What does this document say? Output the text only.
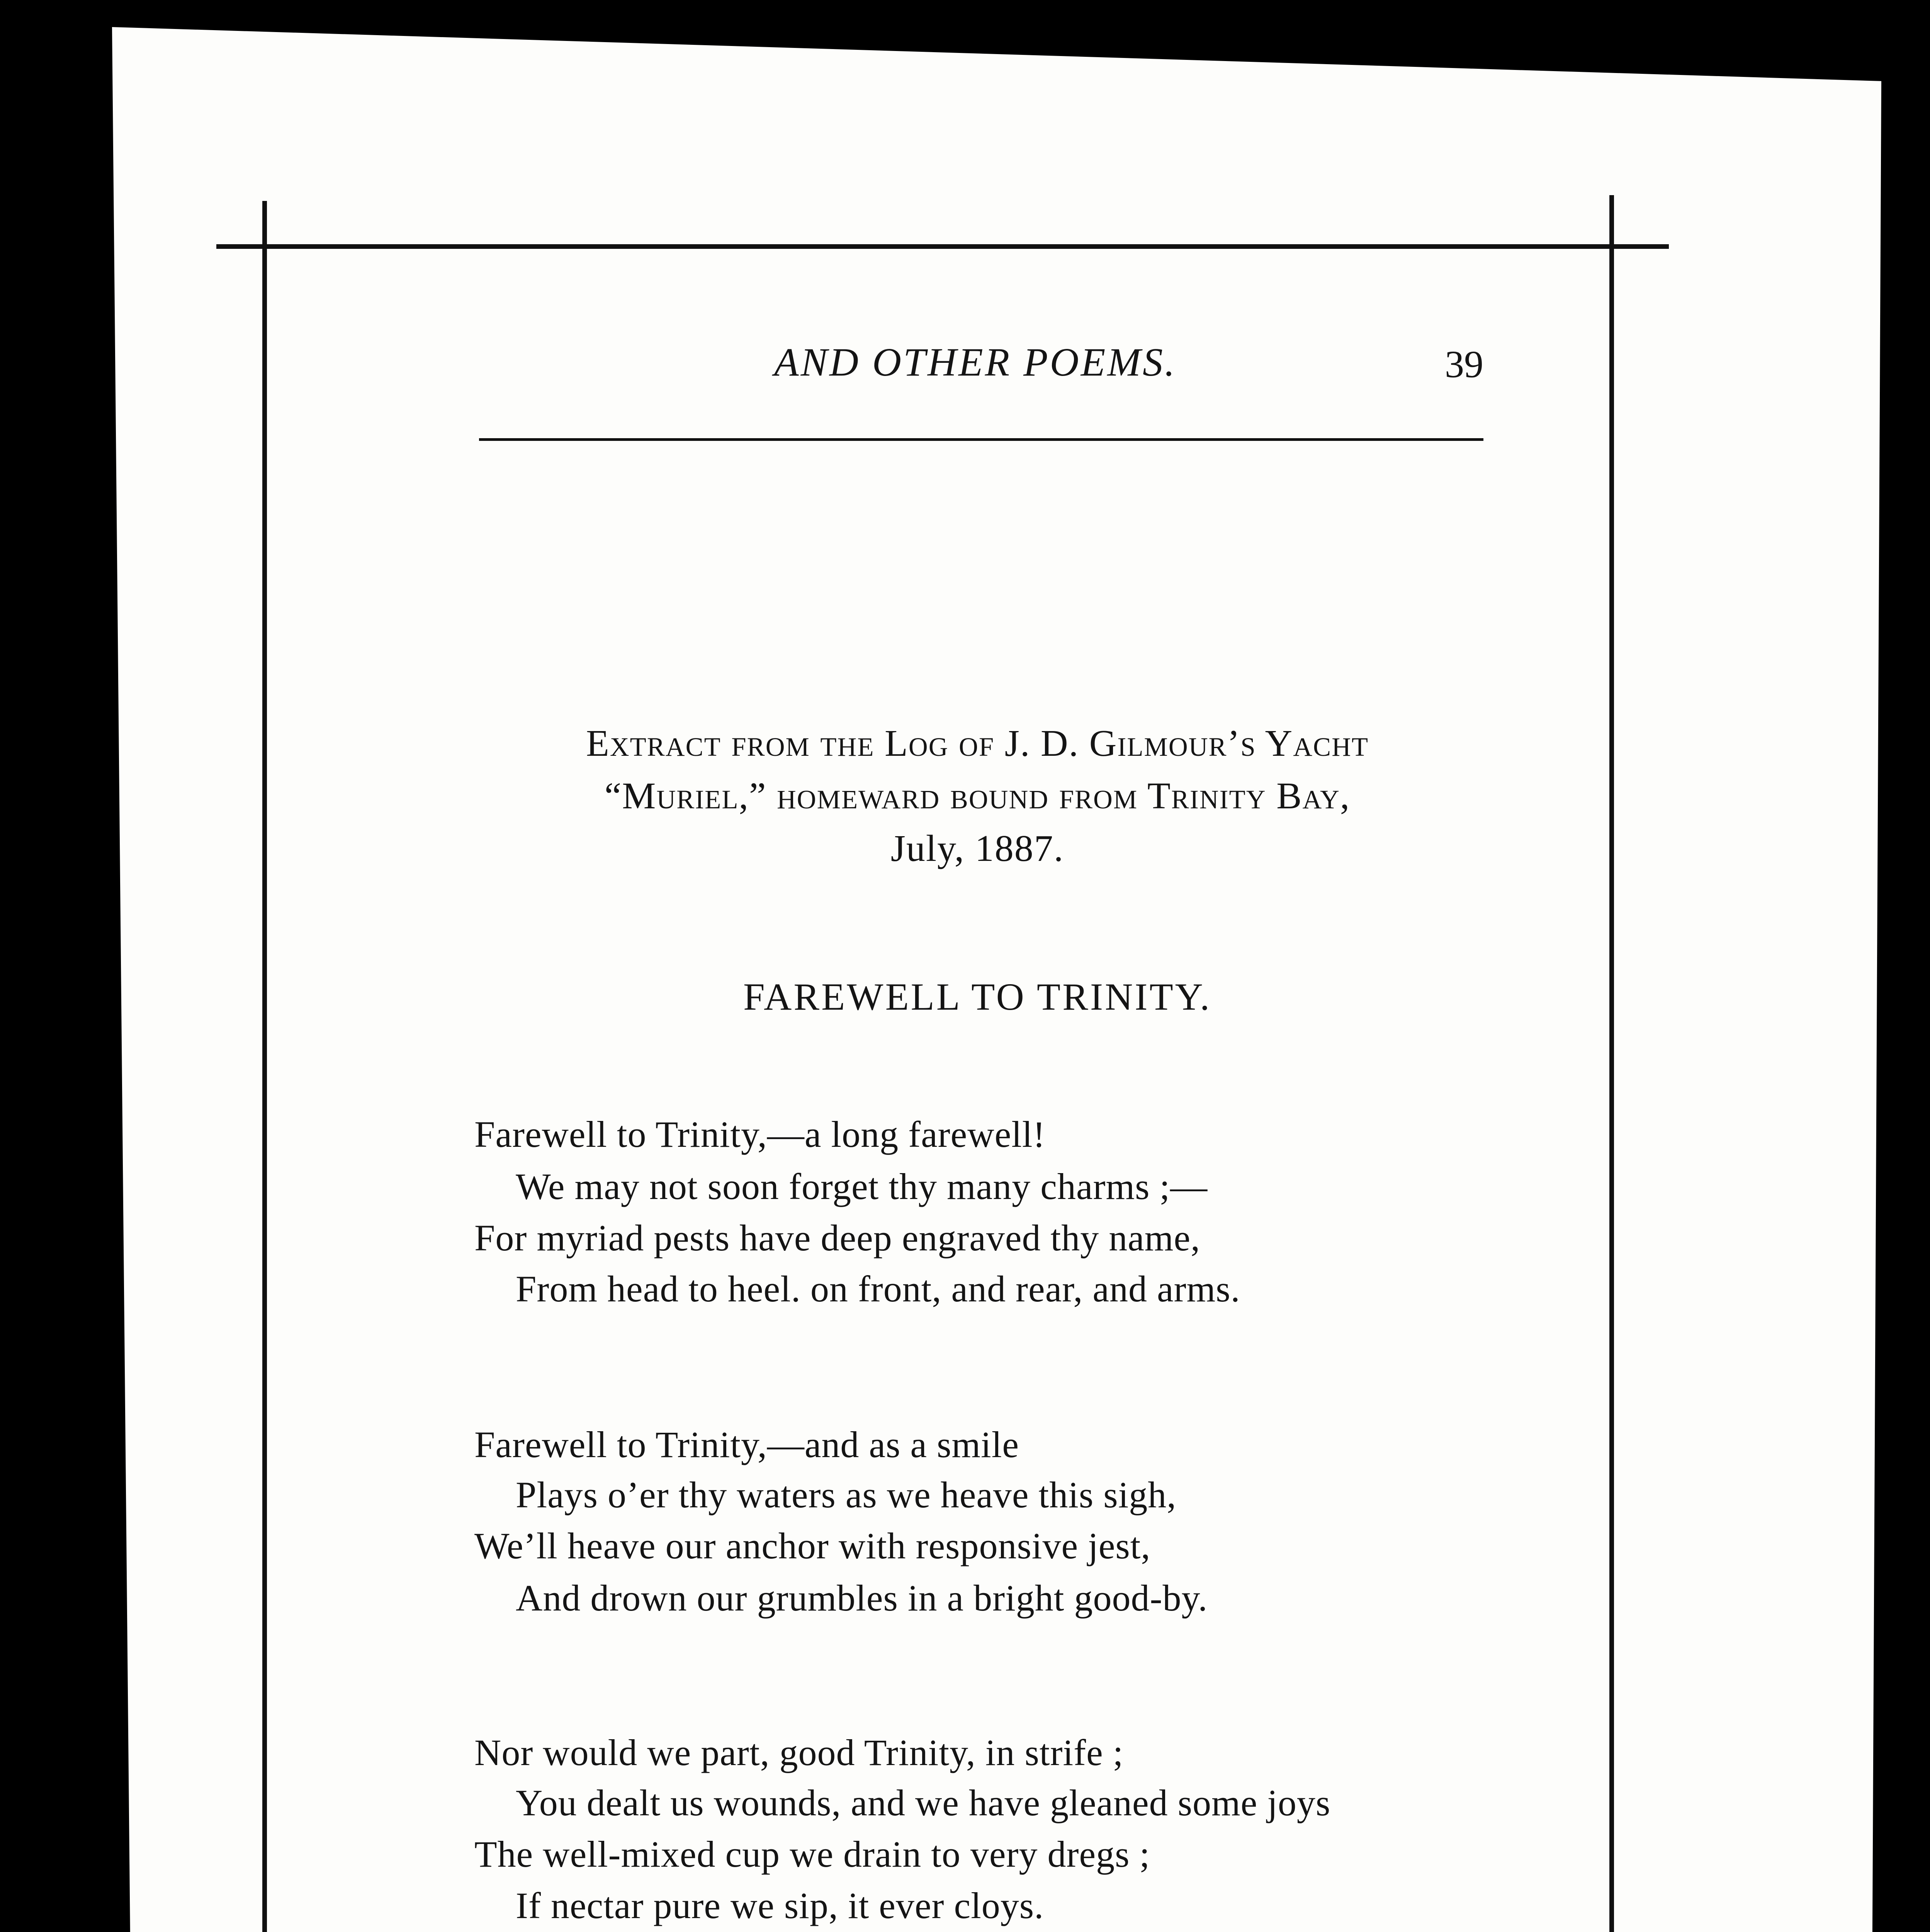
AND OTHER POEMS.	39
Extract from the Log of J. D. Gilmour’s Yacht
“Muriel,” homeward bound from Trinity Bay,
July, 1887.
FAREWELL TO TRINITY.
Farewell to Trinity,—a long farewell!
We may not soon forget thy many charms ;—
For myriad pests have deep engraved thy name,
From head to heel. on front, and rear, and arms.
Farewell to Trinity,—and as a smile
Plays o’er thy waters as we heave this sigh,
We’ll heave our anchor with responsive jest,
And drown our grumbles in a bright good-by.
Nor would we part, good Trinity, in strife ;
You dealt us wounds, and we have gleaned some joys
The well-mixed cup we drain to very dregs ;
If nectar pure we sip, it ever cloys.
